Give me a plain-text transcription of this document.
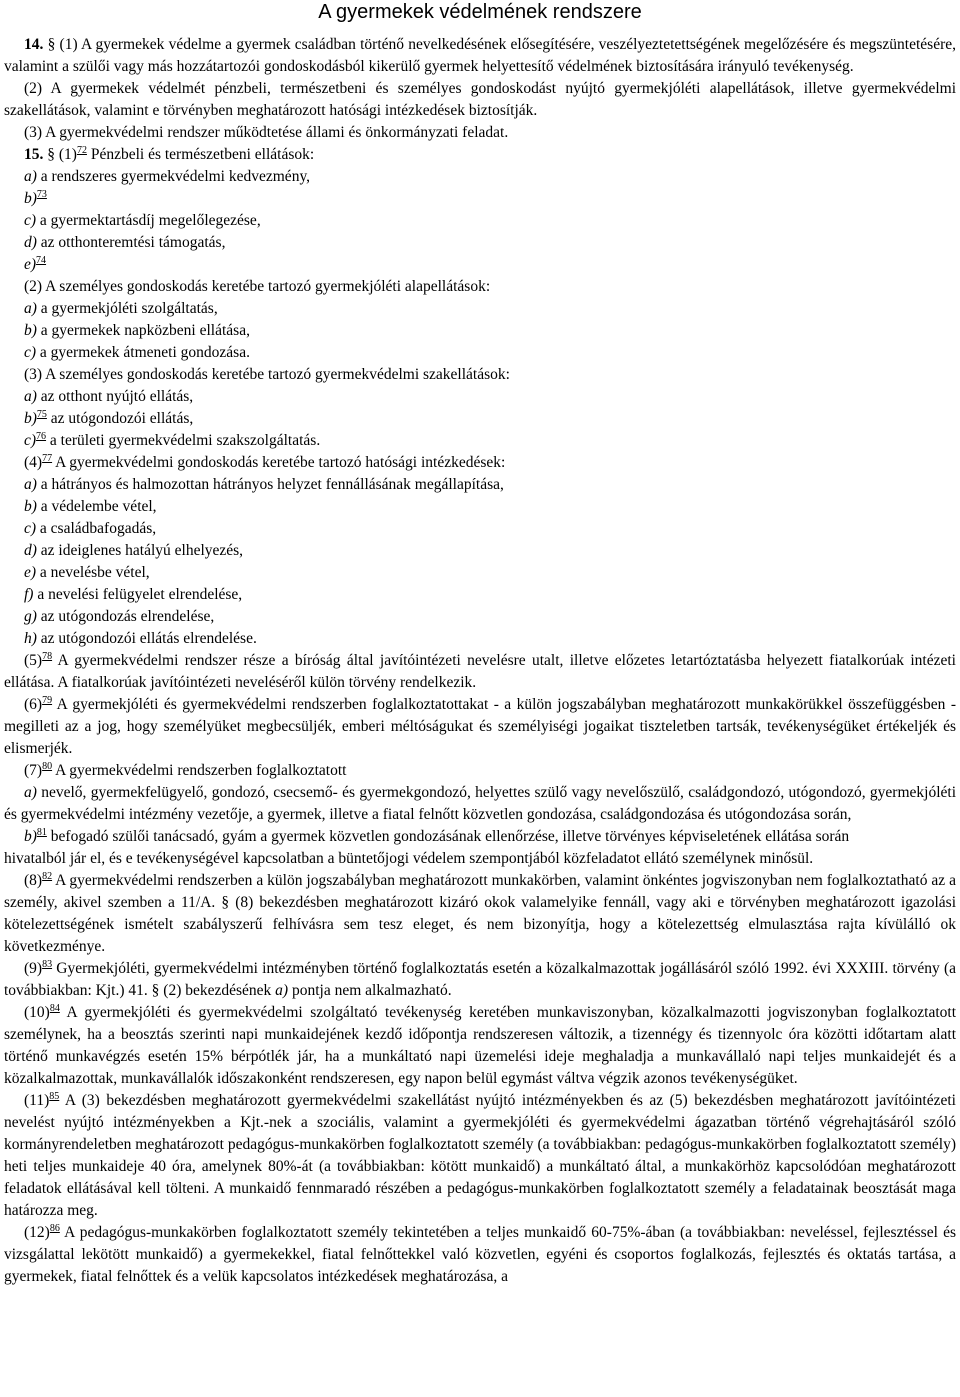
A gyermekek védelmének rendszere

14. § (1) A gyermekek védelme a gyermek családban történő nevelkedésének elősegítésére, veszélyeztetettségének megelőzésére és megszüntetésére, valamint a szülői vagy más hozzátartozói gondoskodásból kikerülő gyermek helyettesítő védelmének biztosítására irányuló tevékenység.

(2) A gyermekek védelmét pénzbeli, természetbeni és személyes gondoskodást nyújtó gyermekjóléti alapellátások, illetve gyermekvédelmi szakellátások, valamint e törvényben meghatározott hatósági intézkedések biztosítják.

(3) A gyermekvédelmi rendszer működtetése állami és önkormányzati feladat.

15. § $(1)^{72}$ Pénzbeli és természetbeni ellátások:

a) a rendszeres gyermekvédelmi kedvezmény,

b)$^{73}$

c) a gyermektartásdíj megelőlegezése,

d) az otthonteremtési támogatás,

e)$^{74}$

(2) A személyes gondoskodás keretébe tartozó gyermekjóléti alapellátások:

a) a gyermekjóléti szolgáltatás,

b) a gyermekek napközbeni ellátása,

c) a gyermekek átmeneti gondozása.

(3) A személyes gondoskodás keretébe tartozó gyermekvédelmi szakellátások:

a) az otthont nyújtó ellátás,

b)$^{75}$ az utógondozói ellátás,

c)$^{76}$ a területi gyermekvédelmi szakszolgáltatás.

$(4)^{77}$ A gyermekvédelmi gondoskodás keretébe tartozó hatósági intézkedések:

a) a hátrányos és halmozottan hátrányos helyzet fennállásának megállapítása,

b) a védelembe vétel,

c) a családbafogadás,

d) az ideiglenes hatályú elhelyezés,

e) a nevelésbe vétel,

f) a nevelési felügyelet elrendelése,

g) az utógondozás elrendelése,

h) az utógondozói ellátás elrendelése.

$(5)^{78}$ A gyermekvédelmi rendszer része a bíróság által javítóintézeti nevelésre utalt, illetve előzetes letartóztatásba helyezett fiatalkorúak intézeti ellátása. A fiatalkorúak javítóintézeti neveléséről külön törvény rendelkezik.

$(6)^{79}$ A gyermekjóléti és gyermekvédelmi rendszerben foglalkoztatottakat - a külön jogszabályban meghatározott munkakörükkel összefüggésben - megilleti az a jog, hogy személyüket megbecsüljék, emberi méltóságukat és személyiségi jogaikat tiszteletben tartsák, tevékenységüket értékeljék és elismerjék.

$(7)^{80}$ A gyermekvédelmi rendszerben foglalkoztatott

a) nevelő, gyermekfelügyelő, gondozó, csecsemő- és gyermekgondozó, helyettes szülő vagy nevelőszülő, családgondozó, utógondozó, gyermekjóléti és gyermekvédelmi intézmény vezetője, a gyermek, illetve a fiatal felnőtt közvetlen gondozása, családgondozása és utógondozása során,

b)$^{81}$ befogadó szülői tanácsadó, gyám a gyermek közvetlen gondozásának ellenőrzése, illetve törvényes képviseletének ellátása során

hivatalból jár el, és e tevékenységével kapcsolatban a büntetőjogi védelem szempontjából közfeladatot ellátó személynek minősül.

$(8)^{82}$ A gyermekvédelmi rendszerben a külön jogszabályban meghatározott munkakörben, valamint önkéntes jogviszonyban nem foglalkoztatható az a személy, akivel szemben a 11/A. § (8) bekezdésben meghatározott kizáró okok valamelyike fennáll, vagy aki e törvényben meghatározott igazolási kötelezettségének ismételt szabályszerű felhívásra sem tesz eleget, és nem bizonyítja, hogy a kötelezettség elmulasztása rajta kívülálló ok következménye.

$(9)^{83}$ Gyermekjóléti, gyermekvédelmi intézményben történő foglalkoztatás esetén a közalkalmazottak jogállásáról szóló 1992. évi XXXIII. törvény (a továbbiakban: Kjt.) 41. § (2) bekezdésének a) pontja nem alkalmazható.

$(10)^{84}$ A gyermekjóléti és gyermekvédelmi szolgáltató tevékenység keretében munkaviszonyban, közalkalmazotti jogviszonyban foglalkoztatott személynek, ha a beosztás szerinti napi munkaidejének kezdő időpontja rendszeresen változik, a tizennégy és tizennyolc óra közötti időtartam alatt történő munkavégzés esetén 15% bérpótlék jár, ha a munkáltató napi üzemelési ideje meghaladja a munkavállaló napi teljes munkaidejét és a közalkalmazottak, munkavállalók időszakonként rendszeresen, egy napon belül egymást váltva végzik azonos tevékenységüket.

$(11)^{85}$ A (3) bekezdésben meghatározott gyermekvédelmi szakellátást nyújtó intézményekben és az (5) bekezdésben meghatározott javítóintézeti nevelést nyújtó intézményekben a Kjt.-nek a szociális, valamint a gyermekjóléti és gyermekvédelmi ágazatban történő végrehajtásáról szóló kormányrendeletben meghatározott pedagógus-munkakörben foglalkoztatott személy (a továbbiakban: pedagógus-munkakörben foglalkoztatott személy) heti teljes munkaideje 40 óra, amelynek 80%-át (a továbbiakban: kötött munkaidő) a munkáltató által, a munkakörhöz kapcsolódóan meghatározott feladatok ellátásával kell tölteni. A munkaidő fennmaradó részében a pedagógus-munkakörben foglalkoztatott személy a feladatainak beosztását maga határozza meg.

$(12)^{86}$ A pedagógus-munkakörben foglalkoztatott személy tekintetében a teljes munkaidő 60-75%-ában (a továbbiakban: neveléssel, fejlesztéssel és vizsgálattal lekötött munkaidő) a gyermekekkel, fiatal felnőttekkel való közvetlen, egyéni és csoportos foglalkozás, fejlesztés és oktatás tartása, a gyermekek, fiatal felnőttek és a velük kapcsolatos intézkedések meghatározása, a
